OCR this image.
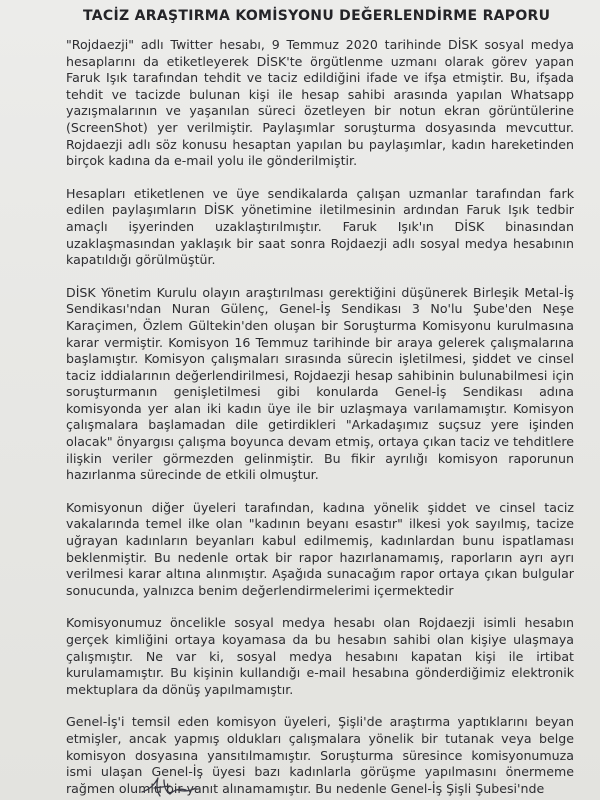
TACİZ ARAŞTIRMA KOMİSYONU DEĞERLENDİRME RAPORU

"Rojdaezji" adlı Twitter hesabı, 9 Temmuz 2020 tarihinde DİSK sosyal medya hesaplarını da etiketleyerek DİSK'te örgütlenme uzmanı olarak görev yapan Faruk Işık tarafından tehdit ve taciz edildiğini ifade ve ifşa etmiştir. Bu, ifşada tehdit ve tacizde bulunan kişi ile hesap sahibi arasında yapılan Whatsapp yazışmalarının ve yaşanılan süreci özetleyen bir notun ekran görüntülerine (ScreenShot) yer verilmiştir. Paylaşımlar soruşturma dosyasında mevcuttur. Rojdaezji adlı söz konusu hesaptan yapılan bu paylaşımlar, kadın hareketinden birçok kadına da e-mail yolu ile gönderilmiştir.

Hesapları etiketlenen ve üye sendikalarda çalışan uzmanlar tarafından fark edilen paylaşımların DİSK yönetimine iletilmesinin ardından Faruk Işık tedbir amaçlı işyerinden uzaklaştırılmıştır. Faruk Işık'ın DİSK binasından uzaklaşmasından yaklaşık bir saat sonra Rojdaezji adlı sosyal medya hesabının kapatıldığı görülmüştür.

DİSK Yönetim Kurulu olayın araştırılması gerektiğini düşünerek Birleşik Metal-İş Sendikası'ndan Nuran Gülenç, Genel-İş Sendikası 3 No'lu Şube'den Neşe Karaçimen, Özlem Gültekin'den oluşan bir Soruşturma Komisyonu kurulmasına karar vermiştir. Komisyon 16 Temmuz tarihinde bir araya gelerek çalışmalarına başlamıştır. Komisyon çalışmaları sırasında sürecin işletilmesi, şiddet ve cinsel taciz iddialarının değerlendirilmesi, Rojdaezji hesap sahibinin bulunabilmesi için soruşturmanın genişletilmesi gibi konularda Genel-İş Sendikası adına komisyonda yer alan iki kadın üye ile bir uzlaşmaya varılamamıştır. Komisyon çalışmalara başlamadan dile getirdikleri "Arkadaşımız suçsuz yere işinden olacak" önyargısı çalışma boyunca devam etmiş, ortaya çıkan taciz ve tehditlere ilişkin veriler görmezden gelinmiştir. Bu fikir ayrılığı komisyon raporunun hazırlanma sürecinde de etkili olmuştur.

Komisyonun diğer üyeleri tarafından, kadına yönelik şiddet ve cinsel taciz vakalarında temel ilke olan "kadının beyanı esastır" ilkesi yok sayılmış, tacize uğrayan kadınların beyanları kabul edilmemiş, kadınlardan bunu ispatlaması beklenmiştir. Bu nedenle ortak bir rapor hazırlanamamış, raporların ayrı ayrı verilmesi karar altına alınmıştır. Aşağıda sunacağım rapor ortaya çıkan bulgular sonucunda, yalnızca benim değerlendirmelerimi içermektedir

Komisyonumuz öncelikle sosyal medya hesabı olan Rojdaezji isimli hesabın gerçek kimliğini ortaya koyamasa da bu hesabın sahibi olan kişiye ulaşmaya çalışmıştır. Ne var ki, sosyal medya hesabını kapatan kişi ile irtibat kurulamamıştır. Bu kişinin kullandığı e-mail hesabına gönderdiğimiz elektronik mektuplara da dönüş yapılmamıştır.

Genel-İş'i temsil eden komisyon üyeleri, Şişli'de araştırma yaptıklarını beyan etmişler, ancak yapmış oldukları çalışmalara yönelik bir tutanak veya belge komisyon dosyasına yansıtılmamıştır. Soruşturma süresince komisyonumuza ismi ulaşan Genel-İş üyesi bazı kadınlarla görüşme yapılmasını önermeme rağmen olumlu bir yanıt alınamamıştır. Bu nedenle Genel-İş Şişli Şubesi'nde
